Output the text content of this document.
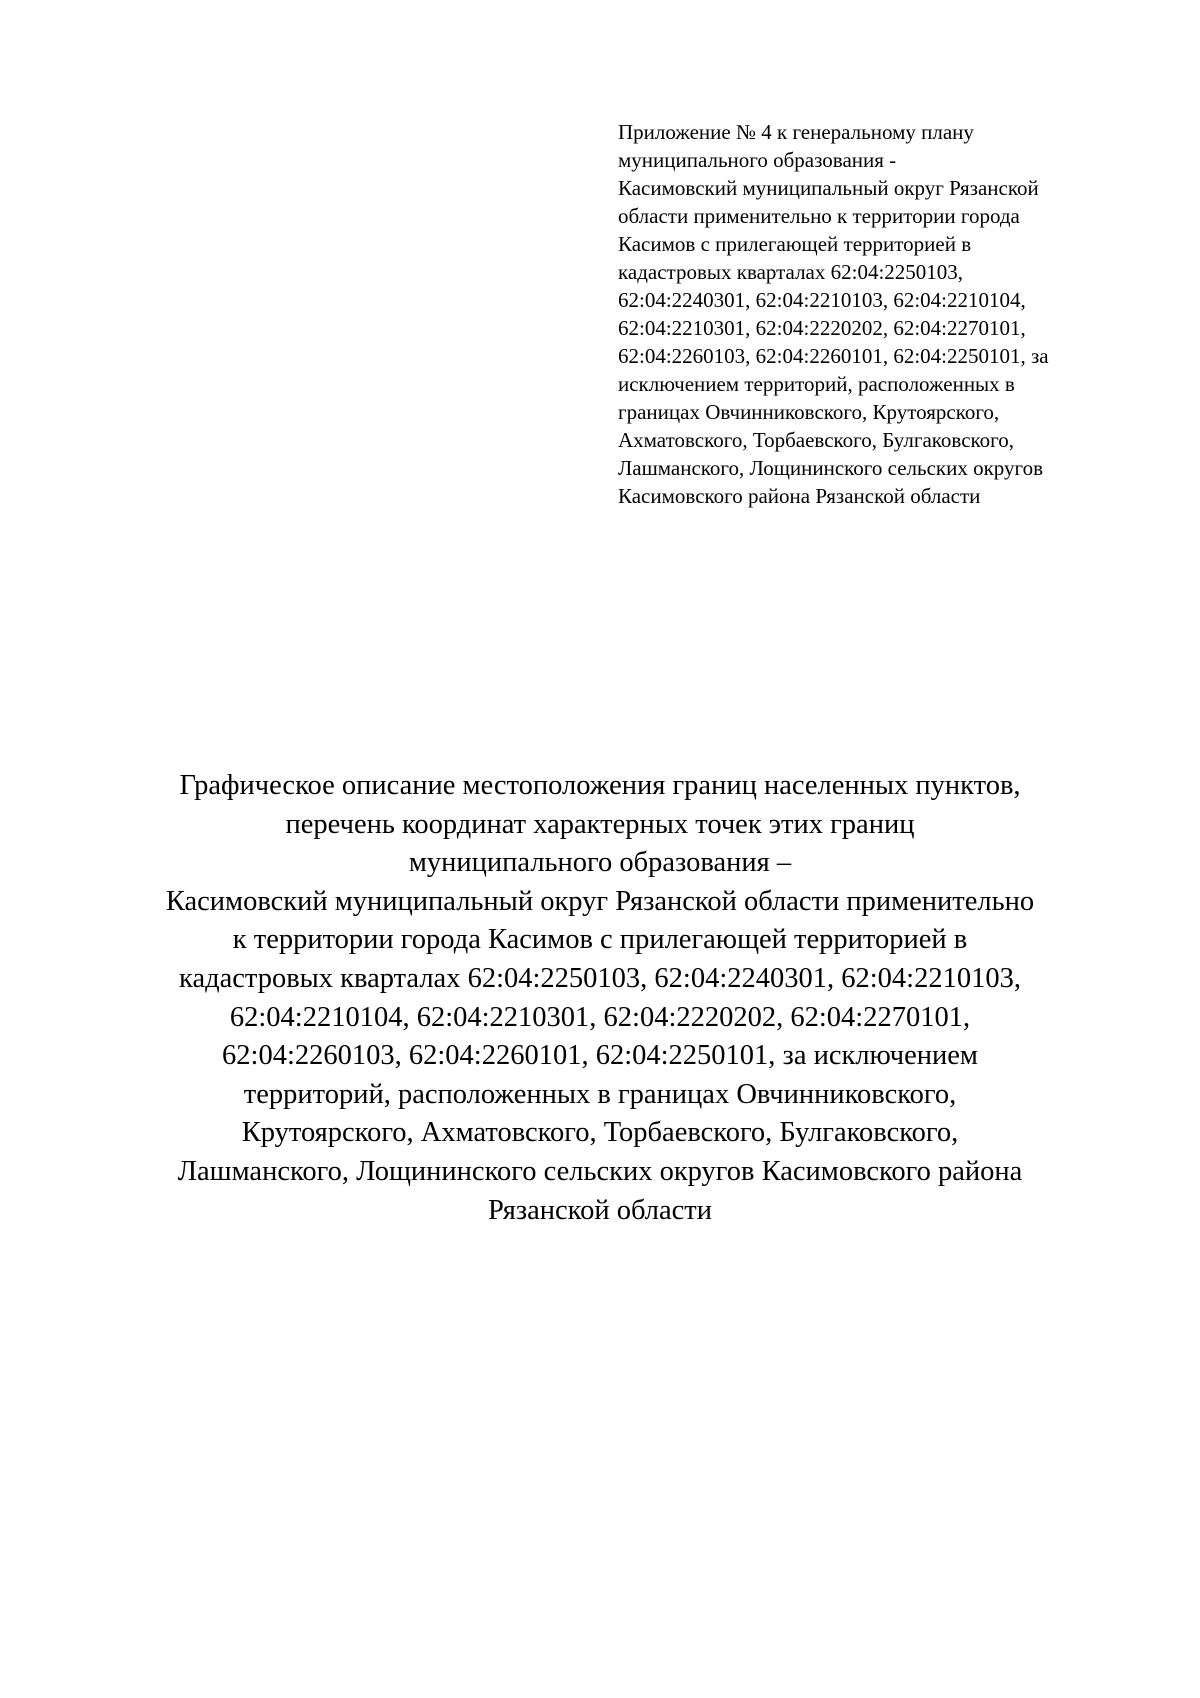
Приложение № 4 к генеральному плану
муниципального образования -
Касимовский муниципальный округ Рязанской
области применительно к территории города
Касимов с прилегающей территорией в
кадастровых кварталах 62:04:2250103,
62:04:2240301, 62:04:2210103, 62:04:2210104,
62:04:2210301, 62:04:2220202, 62:04:2270101,
62:04:2260103, 62:04:2260101, 62:04:2250101, за
исключением территорий, расположенных в
границах Овчинниковского, Крутоярского,
Ахматовского, Торбаевского, Булгаковского,
Лашманского, Лощининского сельских округов
Касимовского района Рязанской области
Графическое описание местоположения границ населенных пунктов,
перечень координат характерных точек этих границ
муниципального образования –
Касимовский муниципальный округ Рязанской области применительно
к территории города Касимов с прилегающей территорией в
кадастровых кварталах 62:04:2250103, 62:04:2240301, 62:04:2210103,
62:04:2210104, 62:04:2210301, 62:04:2220202, 62:04:2270101,
62:04:2260103, 62:04:2260101, 62:04:2250101, за исключением
территорий, расположенных в границах Овчинниковского,
Крутоярского, Ахматовского, Торбаевского, Булгаковского,
Лашманского, Лощининского сельских округов Касимовского района
Рязанской области
